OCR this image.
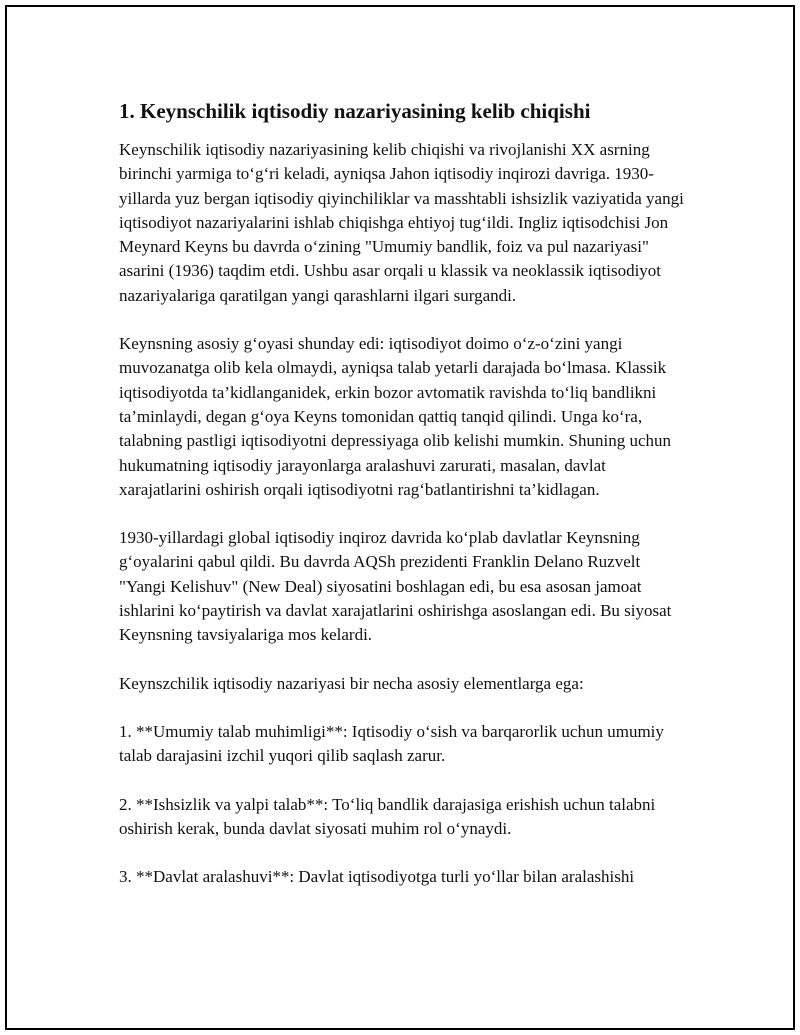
1. Keynschilik iqtisodiy nazariyasining kelib chiqishi

Keynschilik iqtisodiy nazariyasining kelib chiqishi va rivojlanishi XX asrning birinchi yarmiga to‘g‘ri keladi, ayniqsa Jahon iqtisodiy inqirozi davriga. 1930-yillarda yuz bergan iqtisodiy qiyinchiliklar va masshtabli ishsizlik vaziyatida yangi iqtisodiyot nazariyalarini ishlab chiqishga ehtiyoj tug‘ildi. Ingliz iqtisodchisi Jon Meynard Keyns bu davrda o‘zining "Umumiy bandlik, foiz va pul nazariyasi" asarini (1936) taqdim etdi. Ushbu asar orqali u klassik va neoklassik iqtisodiyot nazariyalariga qaratilgan yangi qarashlarni ilgari surgandi.

Keynsning asosiy g‘oyasi shunday edi: iqtisodiyot doimo o‘z-o‘zini yangi muvozanatga olib kela olmaydi, ayniqsa talab yetarli darajada bo‘lmasa. Klassik iqtisodiyotda ta’kidlanganidek, erkin bozor avtomatik ravishda to‘liq bandlikni ta’minlaydi, degan g‘oya Keyns tomonidan qattiq tanqid qilindi. Unga ko‘ra, talabning pastligi iqtisodiyotni depressiyaga olib kelishi mumkin. Shuning uchun hukumatning iqtisodiy jarayonlarga aralashuvi zarurati, masalan, davlat xarajatlarini oshirish orqali iqtisodiyotni rag‘batlantirishni ta’kidlagan.

1930-yillardagi global iqtisodiy inqiroz davrida ko‘plab davlatlar Keynsning g‘oyalarini qabul qildi. Bu davrda AQSh prezidenti Franklin Delano Ruzvelt "Yangi Kelishuv" (New Deal) siyosatini boshlagan edi, bu esa asosan jamoat ishlarini ko‘paytirish va davlat xarajatlarini oshirishga asoslangan edi. Bu siyosat Keynsning tavsiyalariga mos kelardi.

Keynszchilik iqtisodiy nazariyasi bir necha asosiy elementlarga ega:

1. **Umumiy talab muhimligi**: Iqtisodiy o‘sish va barqarorlik uchun umumiy talab darajasini izchil yuqori qilib saqlash zarur.

2. **Ishsizlik va yalpi talab**: To‘liq bandlik darajasiga erishish uchun talabni oshirish kerak, bunda davlat siyosati muhim rol o‘ynaydi.

3. **Davlat aralashuvi**: Davlat iqtisodiyotga turli yo‘llar bilan aralashishi
